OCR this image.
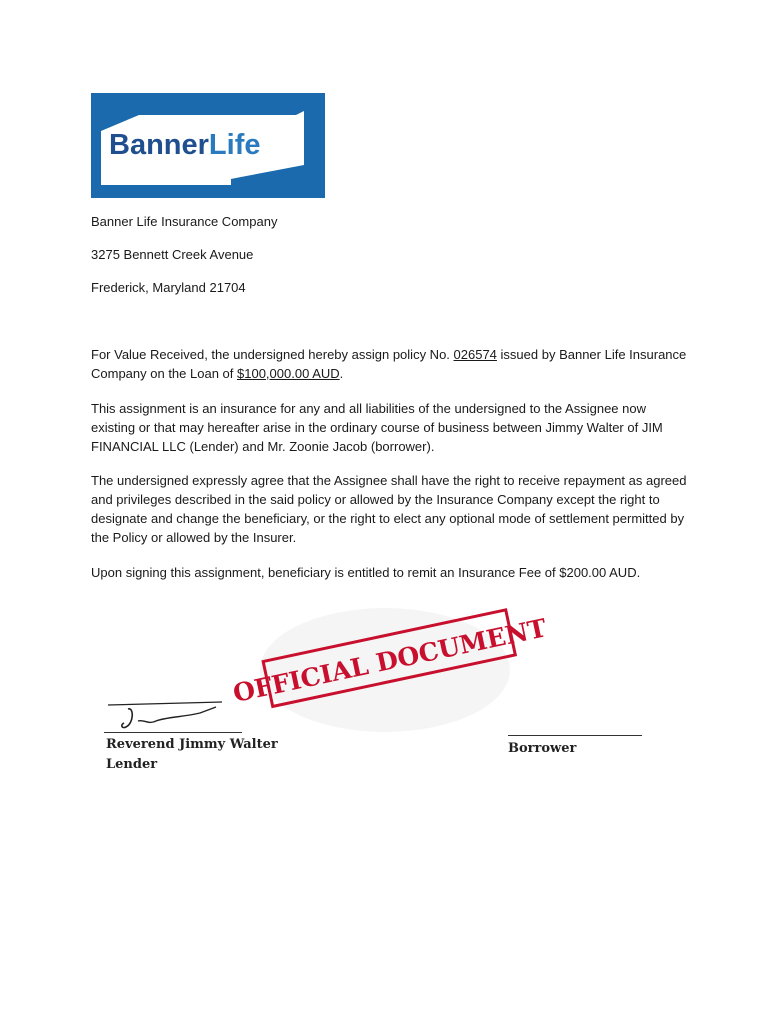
BannerLife TM
Banner Life Insurance Company
3275 Bennett Creek Avenue
Frederick, Maryland 21704

For Value Received, the undersigned hereby assign policy No. 026574 issued by Banner Life Insurance Company on the Loan of $100,000.00 AUD.

This assignment is an insurance for any and all liabilities of the undersigned to the Assignee now existing or that may hereafter arise in the ordinary course of business between Jimmy Walter of JIM FINANCIAL LLC (Lender) and Mr. Zoonie Jacob (borrower).

The undersigned expressly agree that the Assignee shall have the right to receive repayment as agreed and privileges described in the said policy or allowed by the Insurance Company except the right to designate and change the beneficiary, or the right to elect any optional mode of settlement permitted by the Policy or allowed by the Insurer.

Upon signing this assignment, beneficiary is entitled to remit an Insurance Fee of $200.00 AUD.

OFFICIAL DOCUMENT
Reverend Jimmy Walter
Lender
Borrower
